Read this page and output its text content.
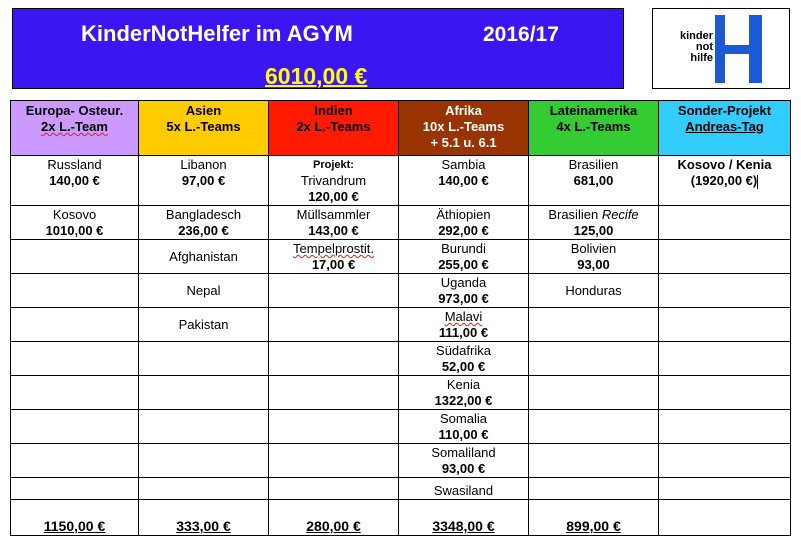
KinderNotHelfer im AGYM	2016/17
6010,00 €
kinder
not
hilfe
Europa- Osteur.
2x L.-Team	Asien
5x L.-Teams	Indien
2x L.-Teams	Afrika
10x L.-Teams
+ 5.1 u. 6.1	Lateinamerika
4x L.-Teams	Sonder-Projekt
Andreas-Tag

Russland
140,00 €	Libanon
97,00 €	Projekt:
Trivandrum
120,00 €	Sambia
140,00 €	Brasilien
681,00	Kosovo / Kenia
(1920,00 €)

Kosovo
1010,00 €	Bangladesch
236,00 €	Müllsammler
143,00 €	Äthiopien
292,00 €	Brasilien Recife
125,00	

	Afghanistan	Tempelprostit.
17,00 €	Burundi
255,00 €	Bolivien
93,00	

	Nepal		Uganda
973,00 €	Honduras	

	Pakistan		Malavi
111,00 €		

			Südafrika
52,00 €		

			Kenia
1322,00 €		

			Somalia
110,00 €		

			Somaliland
93,00 €		

			Swasiland		

1150,00 €	333,00 €	280,00 €	3348,00 €	899,00 €	
